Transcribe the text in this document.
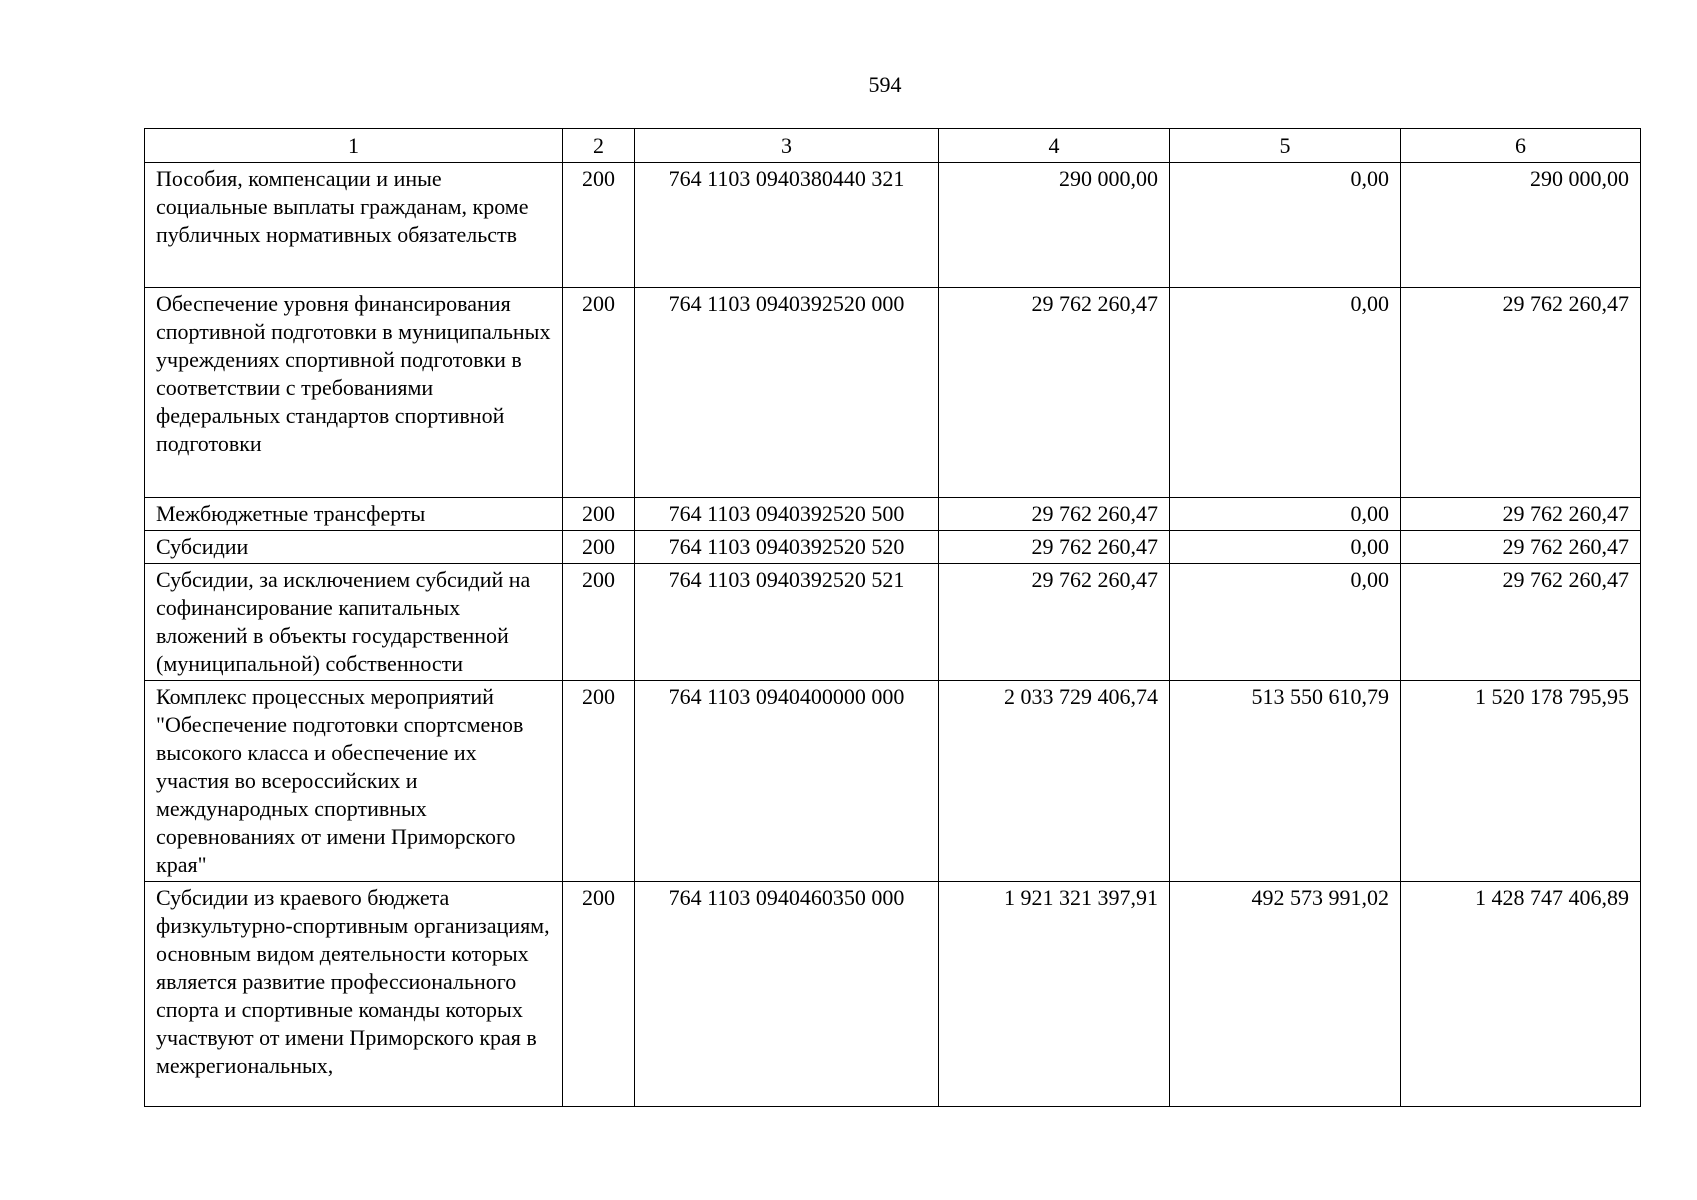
594
1	2	3	4	5	6
Пособия, компенсации и иные социальные выплаты гражданам, кроме публичных нормативных обязательств	200	764 1103 0940380440 321	290 000,00	0,00	290 000,00
Обеспечение уровня финансирования спортивной подготовки в муниципальных учреждениях спортивной подготовки в соответствии с требованиями федеральных стандартов спортивной подготовки	200	764 1103 0940392520 000	29 762 260,47	0,00	29 762 260,47
Межбюджетные трансферты	200	764 1103 0940392520 500	29 762 260,47	0,00	29 762 260,47
Субсидии	200	764 1103 0940392520 520	29 762 260,47	0,00	29 762 260,47
Субсидии, за исключением субсидий на софинансирование капитальных вложений в объекты государственной (муниципальной) собственности	200	764 1103 0940392520 521	29 762 260,47	0,00	29 762 260,47
Комплекс процессных мероприятий "Обеспечение подготовки спортсменов высокого класса и обеспечение их участия во всероссийских и международных спортивных соревнованиях от имени Приморского края"	200	764 1103 0940400000 000	2 033 729 406,74	513 550 610,79	1 520 178 795,95
Субсидии из краевого бюджета физкультурно-спортивным организациям, основным видом деятельности которых является развитие профессионального спорта и спортивные команды которых участвуют от имени Приморского края в межрегиональных,	200	764 1103 0940460350 000	1 921 321 397,91	492 573 991,02	1 428 747 406,89
